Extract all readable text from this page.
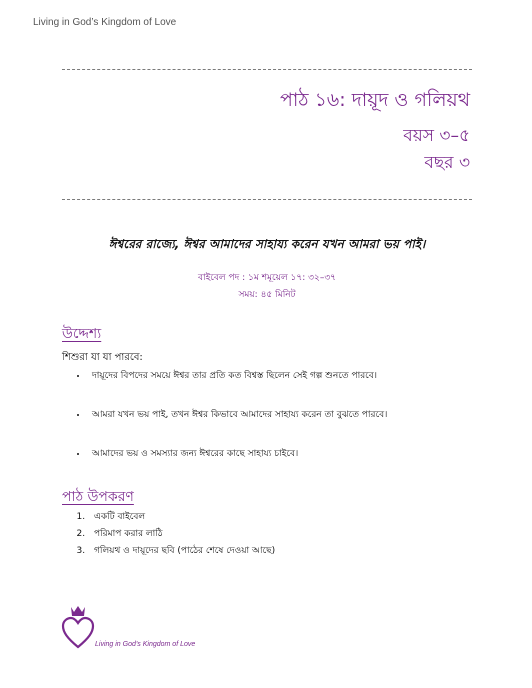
Living in God’s Kingdom of Love
পাঠ ১৬: দায়ূদ ও গলিয়থ
বয়স ৩–৫
বছর ৩
ঈশ্বরের রাজ্যে, ঈশ্বর আমাদের সাহায্য করেন যখন আমরা ভয় পাই।
বাইবেল পদ : ১ম শমূয়েল ১৭: ৩২–৩৭
সময়: ৪৫ মিনিট
উদ্দেশ্য
শিশুরা যা যা পারবে:
• দায়ূদের বিপদের সময়ে ঈশ্বর তার প্রতি কত বিশ্বস্ত ছিলেন সেই গল্প শুনতে পারবে।
• আমরা যখন ভয় পাই, তখন ঈশ্বর কিভাবে আমাদের সাহায্য করেন তা বুঝতে পারবে।
• আমাদের ভয় ও সমস্যার জন্য ঈশ্বরের কাছে সাহায্য চাইবে।
পাঠ উপকরণ
1. একটি বাইবেল
2. পরিমাপ করার লাঠি
3. গলিয়থ ও দায়ূদের ছবি (পাঠের শেষে দেওয়া আছে)
Living in God’s Kingdom of Love
